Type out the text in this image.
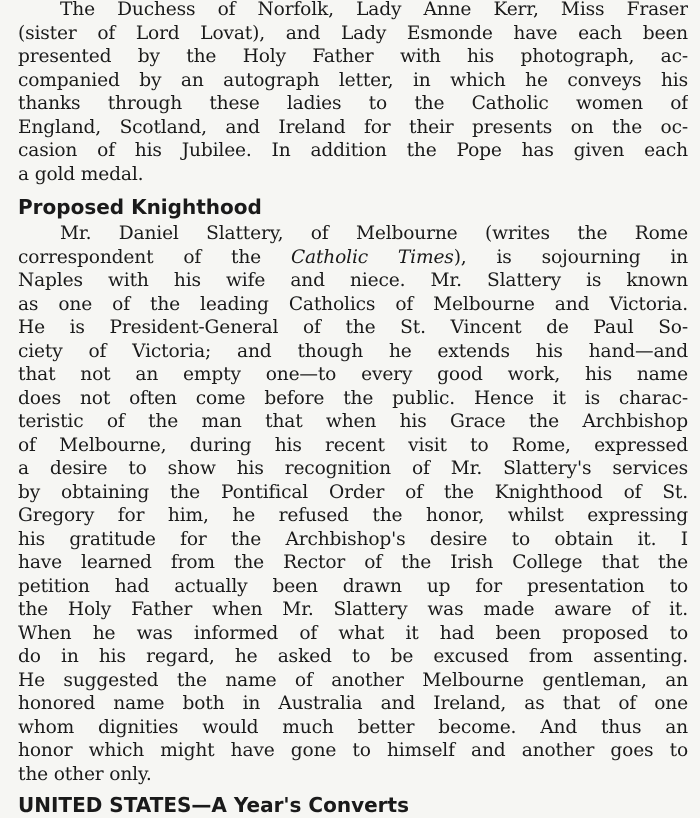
The Duchess of Norfolk, Lady Anne Kerr, Miss Fraser
(sister of Lord Lovat), and Lady Esmonde have each been
presented by the Holy Father with his photograph, ac-
companied by an autograph letter, in which he conveys his
thanks through these ladies to the Catholic women of
England, Scotland, and Ireland for their presents on the oc-
casion of his Jubilee. In addition the Pope has given each
a gold medal.

Proposed Knighthood

Mr. Daniel Slattery, of Melbourne (writes the Rome
correspondent of the Catholic Times), is sojourning in
Naples with his wife and niece. Mr. Slattery is known
as one of the leading Catholics of Melbourne and Victoria.
He is President-General of the St. Vincent de Paul So-
ciety of Victoria; and though he extends his hand—and
that not an empty one—to every good work, his name
does not often come before the public. Hence it is charac-
teristic of the man that when his Grace the Archbishop
of Melbourne, during his recent visit to Rome, expressed
a desire to show his recognition of Mr. Slattery's services
by obtaining the Pontifical Order of the Knighthood of St.
Gregory for him, he refused the honor, whilst expressing
his gratitude for the Archbishop's desire to obtain it. I
have learned from the Rector of the Irish College that the
petition had actually been drawn up for presentation to
the Holy Father when Mr. Slattery was made aware of it.
When he was informed of what it had been proposed to
do in his regard, he asked to be excused from assenting.
He suggested the name of another Melbourne gentleman, an
honored name both in Australia and Ireland, as that of one
whom dignities would much better become. And thus an
honor which might have gone to himself and another goes to
the other only.

UNITED STATES—A Year's Converts
